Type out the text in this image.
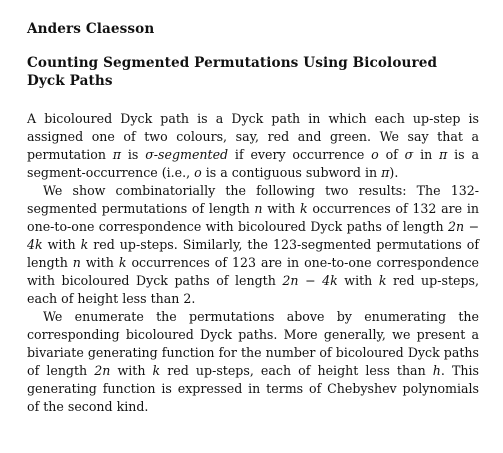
Anders Claesson
Counting Segmented Permutations Using Bicoloured Dyck Paths

A bicoloured Dyck path is a Dyck path in which each up-step is assigned one of two colours, say, red and green. We say that a permutation π is σ-segmented if every occurrence o of σ in π is a segment-occurrence (i.e., o is a contiguous subword in π).

We show combinatorially the following two results: The 132-segmented permutations of length n with k occurrences of 132 are in one-to-one correspondence with bicoloured Dyck paths of length 2n − 4k with k red up-steps. Similarly, the 123-segmented permutations of length n with k occurrences of 123 are in one-to-one correspondence with bicoloured Dyck paths of length 2n − 4k with k red up-steps, each of height less than 2.

We enumerate the permutations above by enumerating the corresponding bicoloured Dyck paths. More generally, we present a bivariate generating function for the number of bicoloured Dyck paths of length 2n with k red up-steps, each of height less than h. This generating function is expressed in terms of Chebyshev polynomials of the second kind.
